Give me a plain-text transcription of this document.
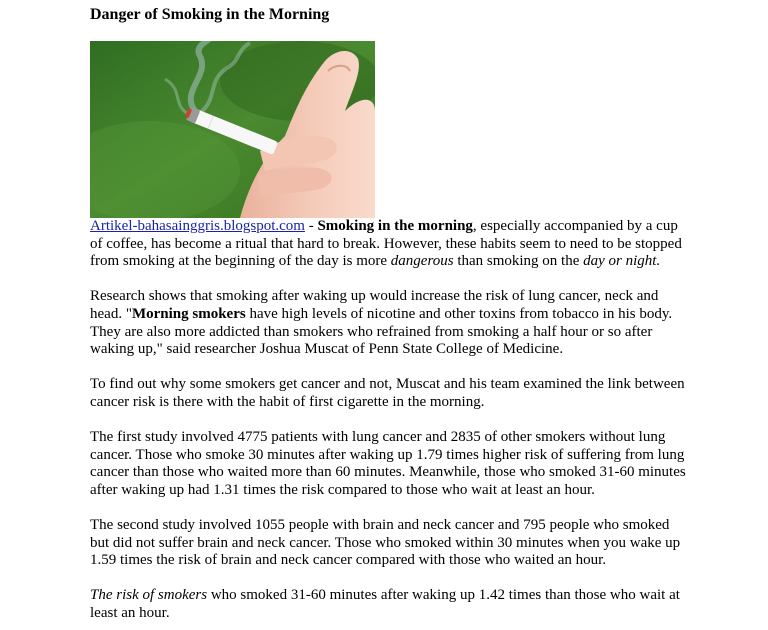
Danger of Smoking in the Morning

Artikel-bahasainggris.blogspot.com - Smoking in the morning, especially accompanied by a cup of coffee, has become a ritual that hard to break. However, these habits seem to need to be stopped from smoking at the beginning of the day is more dangerous than smoking on the day or night.

Research shows that smoking after waking up would increase the risk of lung cancer, neck and head. "Morning smokers have high levels of nicotine and other toxins from tobacco in his body. They are also more addicted than smokers who refrained from smoking a half hour or so after waking up," said researcher Joshua Muscat of Penn State College of Medicine.

To find out why some smokers get cancer and not, Muscat and his team examined the link between cancer risk is there with the habit of first cigarette in the morning.

The first study involved 4775 patients with lung cancer and 2835 of other smokers without lung cancer. Those who smoke 30 minutes after waking up 1.79 times higher risk of suffering from lung cancer than those who waited more than 60 minutes. Meanwhile, those who smoked 31-60 minutes after waking up had 1.31 times the risk compared to those who wait at least an hour.

The second study involved 1055 people with brain and neck cancer and 795 people who smoked but did not suffer brain and neck cancer. Those who smoked within 30 minutes when you wake up 1.59 times the risk of brain and neck cancer compared with those who waited an hour.

The risk of smokers who smoked 31-60 minutes after waking up 1.42 times than those who wait at least an hour.
